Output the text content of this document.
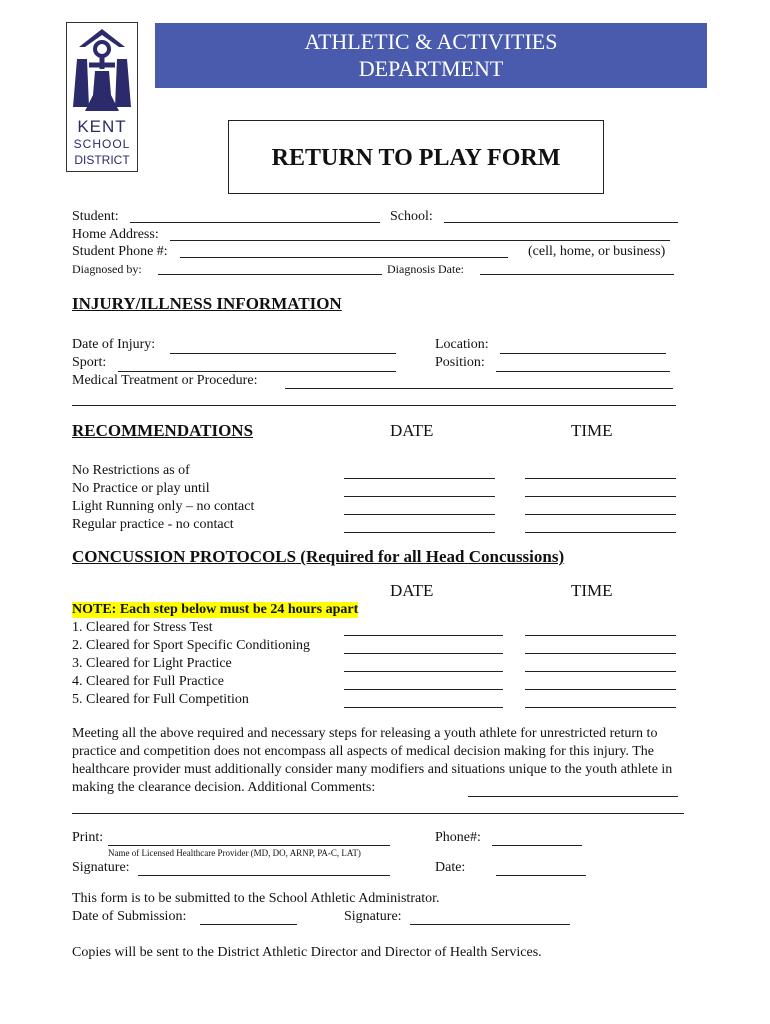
KENT
SCHOOL
DISTRICT
ATHLETIC & ACTIVITIES
DEPARTMENT
RETURN TO PLAY FORM
Student:	School:
Home Address:
Student Phone #:	(cell, home, or business)
Diagnosed by:	Diagnosis Date:
INJURY/ILLNESS INFORMATION
Date of Injury:	Location:
Sport:	Position:
Medical Treatment or Procedure:
RECOMMENDATIONS	DATE	TIME
No Restrictions as of
No Practice or play until
Light Running only – no contact
Regular practice - no contact
CONCUSSION PROTOCOLS (Required for all Head Concussions)
DATE	TIME
NOTE: Each step below must be 24 hours apart
1. Cleared for Stress Test
2. Cleared for Sport Specific Conditioning
3. Cleared for Light Practice
4. Cleared for Full Practice
5. Cleared for Full Competition
Meeting all the above required and necessary steps for releasing a youth athlete for unrestricted return to practice and competition does not encompass all aspects of medical decision making for this injury. The healthcare provider must additionally consider many modifiers and situations unique to the youth athlete in making the clearance decision. Additional Comments:
Print:	Phone#:
Name of Licensed Healthcare Provider (MD, DO, ARNP, PA-C, LAT)
Signature:	Date:
This form is to be submitted to the School Athletic Administrator.
Date of Submission:	Signature:
Copies will be sent to the District Athletic Director and Director of Health Services.
